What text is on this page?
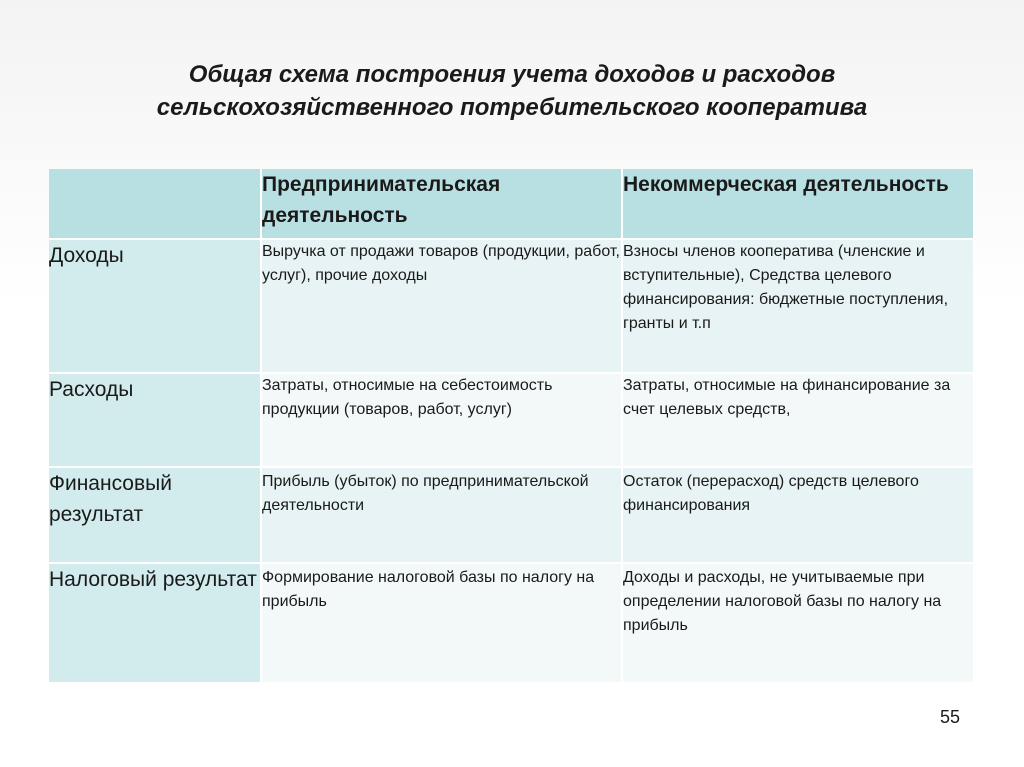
Общая схема построения учета доходов и расходов
сельскохозяйственного потребительского кооператива
	Предпринимательская деятельность	Некоммерческая деятельность
Доходы	Выручка от продажи товаров (продукции, работ, услуг), прочие доходы	Взносы членов кооператива (членские и вступительные), Средства целевого финансирования: бюджетные поступления, гранты и т.п
Расходы	Затраты, относимые на себестоимость продукции (товаров, работ, услуг)	Затраты, относимые на финансирование за счет целевых средств,
Финансовый результат	Прибыль (убыток) по предпринимательской деятельности	Остаток (перерасход) средств целевого финансирования
Налоговый результат	Формирование налоговой базы по налогу на прибыль	Доходы и расходы, не учитываемые при определении налоговой базы по налогу на прибыль
55
